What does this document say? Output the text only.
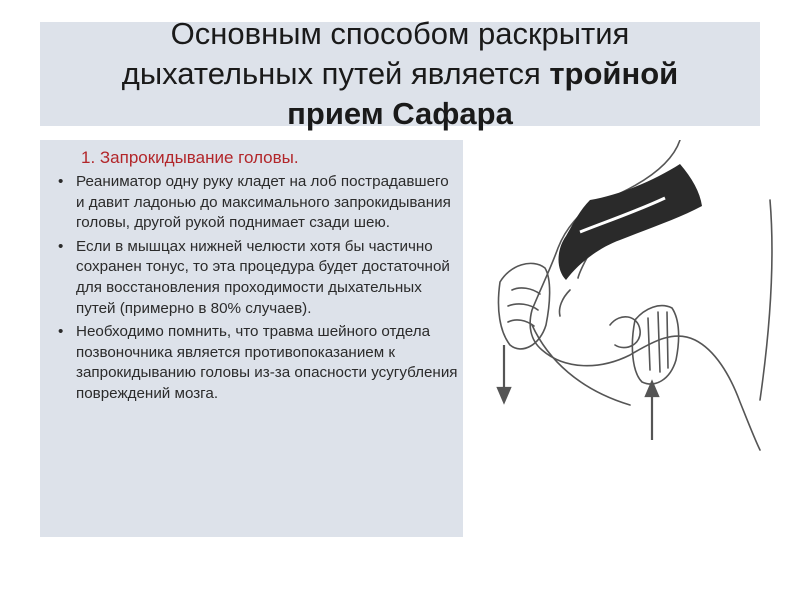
Основным способом раскрытия
дыхательных путей является тройной
прием Сафара
1. Запрокидывание головы.
• Реаниматор одну руку кладет на лоб пострадавшего и давит ладонью до максимального запрокидывания головы, другой рукой поднимает сзади шею.
• Если в мышцах нижней челюсти хотя бы частично сохранен тонус, то эта процедура будет достаточной для восстановления проходимости дыхательных путей (примерно в 80% случаев).
• Необходимо помнить, что травма шейного отдела позвоночника является противопоказанием к запрокидыванию головы из-за опасности усугубления повреждений мозга.
